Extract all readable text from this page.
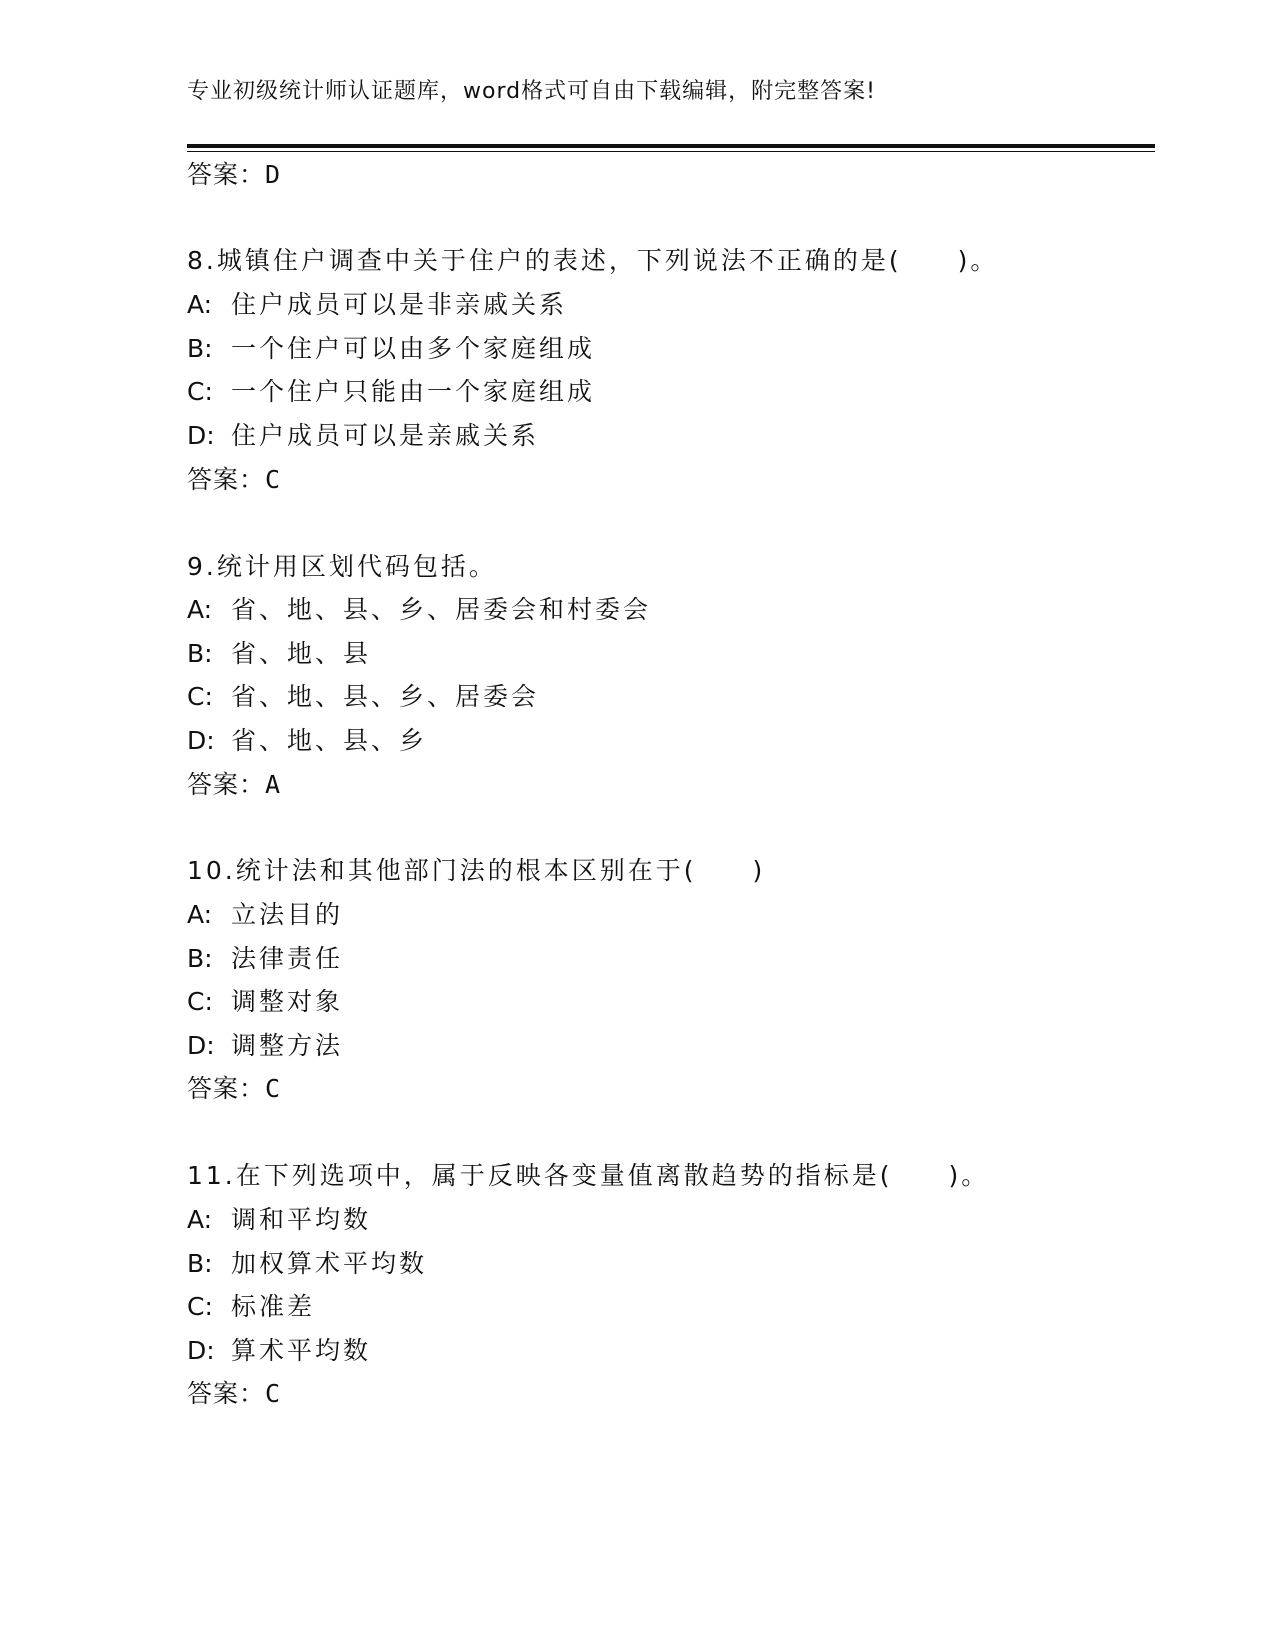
专业初级统计师认证题库，word格式可自由下载编辑，附完整答案!
答案：D
8.城镇住户调查中关于住户的表述，下列说法不正确的是(　　)。
A: 住户成员可以是非亲戚关系
B: 一个住户可以由多个家庭组成
C: 一个住户只能由一个家庭组成
D: 住户成员可以是亲戚关系
答案：C
9.统计用区划代码包括。
A: 省、地、县、乡、居委会和村委会
B: 省、地、县
C: 省、地、县、乡、居委会
D: 省、地、县、乡
答案：A
10.统计法和其他部门法的根本区别在于(　　)
A: 立法目的
B: 法律责任
C: 调整对象
D: 调整方法
答案：C
11.在下列选项中，属于反映各变量值离散趋势的指标是(　　)。
A: 调和平均数
B: 加权算术平均数
C: 标准差
D: 算术平均数
答案：C
